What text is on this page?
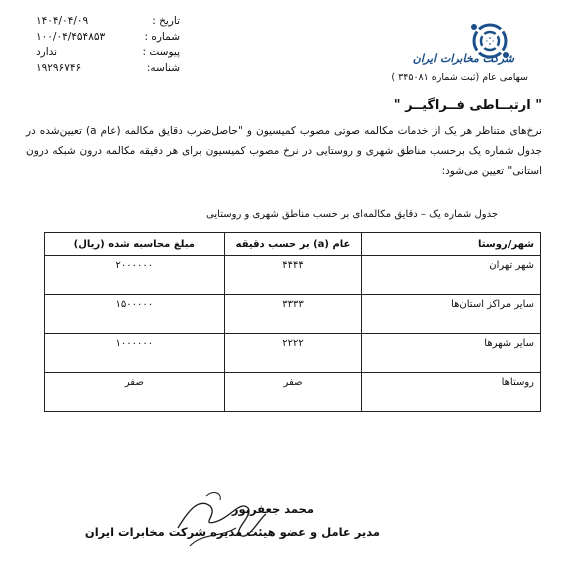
تاریخ :
۱۴۰۴/۰۴/۰۹
شماره :
۱۰۰/۰۴/۴۵۴۸۵۳
پیوست :
ندارد
شناسه:
۱۹۲۹۶۷۴۶
شرکت مخابرات ایران
سهامی عام (ثبت شماره ۳۴۵۰۸۱ )
" ارتبــاطی فــراگیــر "
نرخ‌های متناظر هر یک از خدمات مکالمه صوتی مصوب کمیسیون و "حاصل‌ضرب دقایق مکالمه (عام a) تعیین‌شده در جدول شماره یک برحسب مناطق شهری و روستایی در نرخ مصوب کمیسیون برای هر دقیقه مکالمه درون شبکه درون استانی" تعیین می‌شود:
جدول شماره یک – دقایق مکالمه‌ای بر حسب مناطق شهری و روستایی
شهر/روستا	عام (a) بر حسب دقیقه	مبلغ محاسبه شده (ریال)
شهر تهران	۴۴۴۴	۲۰۰۰۰۰۰
سایر مراکز استان‌ها	۳۳۳۳	۱۵۰۰۰۰۰
سایر شهرها	۲۲۲۲	۱۰۰۰۰۰۰
روستاها	صفر	صفر
محمد جعفرپور
مدیر عامل و عضو هیئت مدیره شرکت مخابرات ایران
